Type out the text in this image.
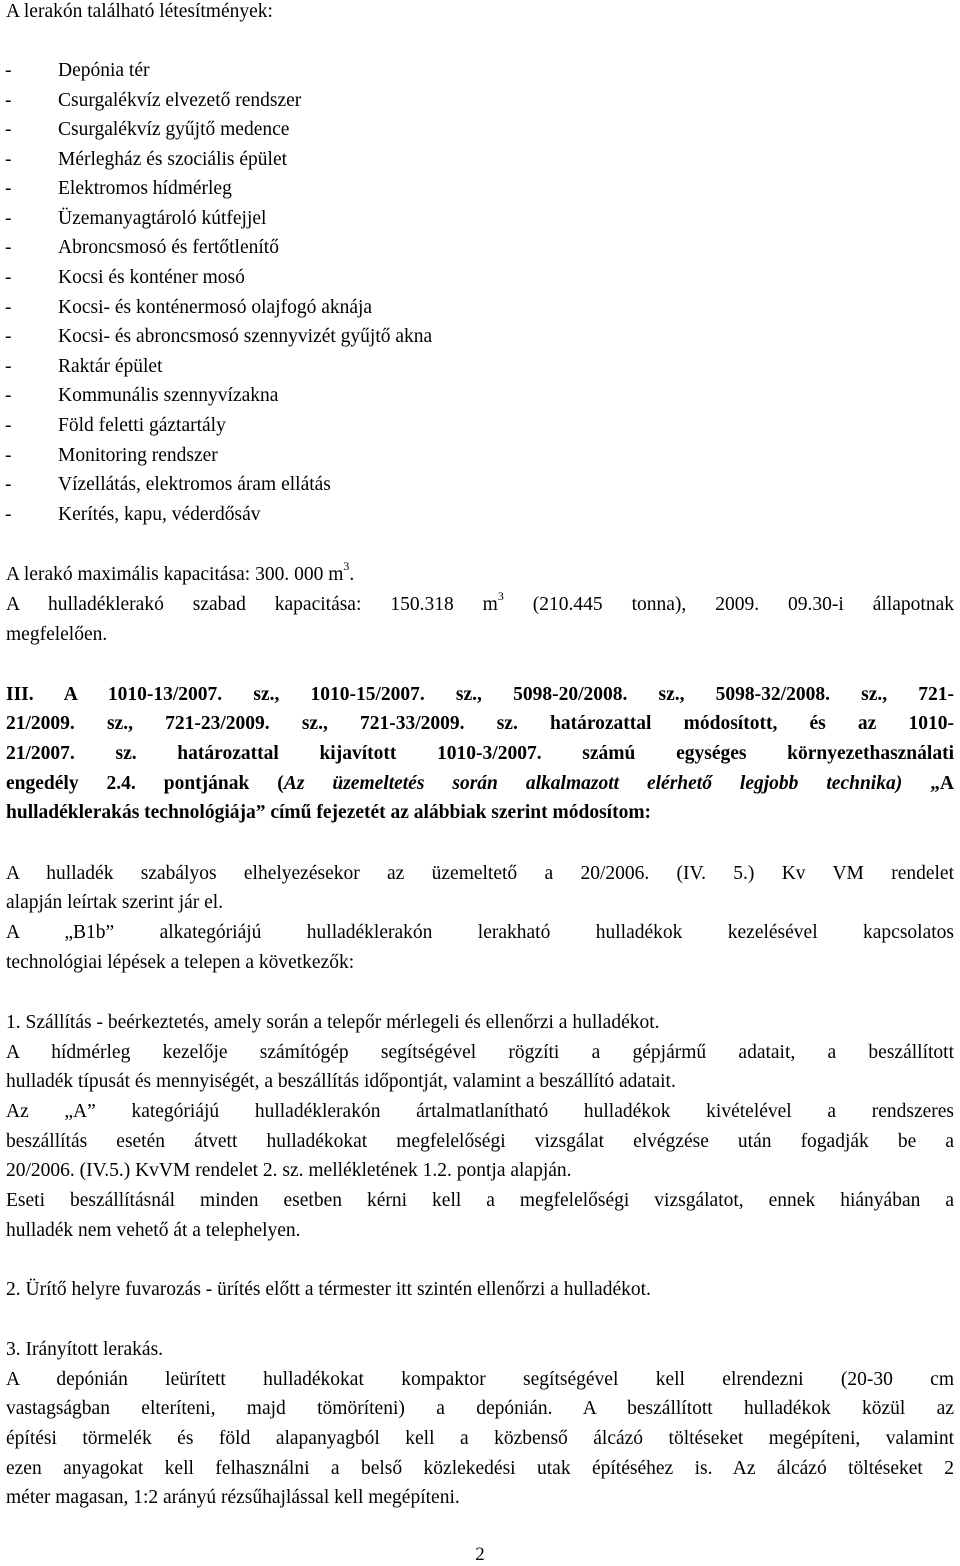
A lerakón található létesítmények:
- Depónia tér
- Csurgalékvíz elvezető rendszer
- Csurgalékvíz gyűjtő medence
- Mérlegház és szociális épület
- Elektromos hídmérleg
- Üzemanyagtároló kútfejjel
- Abroncsmosó és fertőtlenítő
- Kocsi és konténer mosó
- Kocsi- és konténermosó olajfogó aknája
- Kocsi- és abroncsmosó szennyvizét gyűjtő akna
- Raktár épület
- Kommunális szennyvízakna
- Föld feletti gáztartály
- Monitoring rendszer
- Vízellátás, elektromos áram ellátás
- Kerítés, kapu, véderdősáv
A lerakó maximális kapacitása: 300. 000 $m^3$.
A hulladéklerakó szabad kapacitása: 150.318 $m^3$ (210.445 tonna), 2009. 09.30-i állapotnak
megfelelően.
III. A 1010-13/2007. sz., 1010-15/2007. sz., 5098-20/2008. sz., 5098-32/2008. sz., 721-
21/2009. sz., 721-23/2009. sz., 721-33/2009. sz. határozattal módosított, és az 1010-
21/2007. sz. határozattal kijavított 1010-3/2007. számú egységes környezethasználati
engedély 2.4. pontjának (Az üzemeltetés során alkalmazott elérhető legjobb technika) „A
hulladéklerakás technológiája” című fejezetét az alábbiak szerint módosítom:
A hulladék szabályos elhelyezésekor az üzemeltető a 20/2006. (IV. 5.) Kv VM rendelet
alapján leírtak szerint jár el.
A „B1b” alkategóriájú hulladéklerakón lerakható hulladékok kezelésével kapcsolatos
technológiai lépések a telepen a következők:
1. Szállítás - beérkeztetés, amely során a telepőr mérlegeli és ellenőrzi a hulladékot.
A hídmérleg kezelője számítógép segítségével rögzíti a gépjármű adatait, a beszállított
hulladék típusát és mennyiségét, a beszállítás időpontját, valamint a beszállító adatait.
Az „A” kategóriájú hulladéklerakón ártalmatlanítható hulladékok kivételével a rendszeres
beszállítás esetén átvett hulladékokat megfelelőségi vizsgálat elvégzése után fogadják be a
20/2006. (IV.5.) KvVM rendelet 2. sz. mellékletének 1.2. pontja alapján.
Eseti beszállításnál minden esetben kérni kell a megfelelőségi vizsgálatot, ennek hiányában a
hulladék nem vehető át a telephelyen.
2. Ürítő helyre fuvarozás - ürítés előtt a térmester itt szintén ellenőrzi a hulladékot.
3. Irányított lerakás.
A depónián leürített hulladékokat kompaktor segítségével kell elrendezni (20-30 cm
vastagságban elteríteni, majd tömöríteni) a depónián. A beszállított hulladékok közül az
építési törmelék és föld alapanyagból kell a közbenső álcázó töltéseket megépíteni, valamint
ezen anyagokat kell felhasználni a belső közlekedési utak építéséhez is. Az álcázó töltéseket 2
méter magasan, 1:2 arányú rézsűhajlással kell megépíteni.
2
